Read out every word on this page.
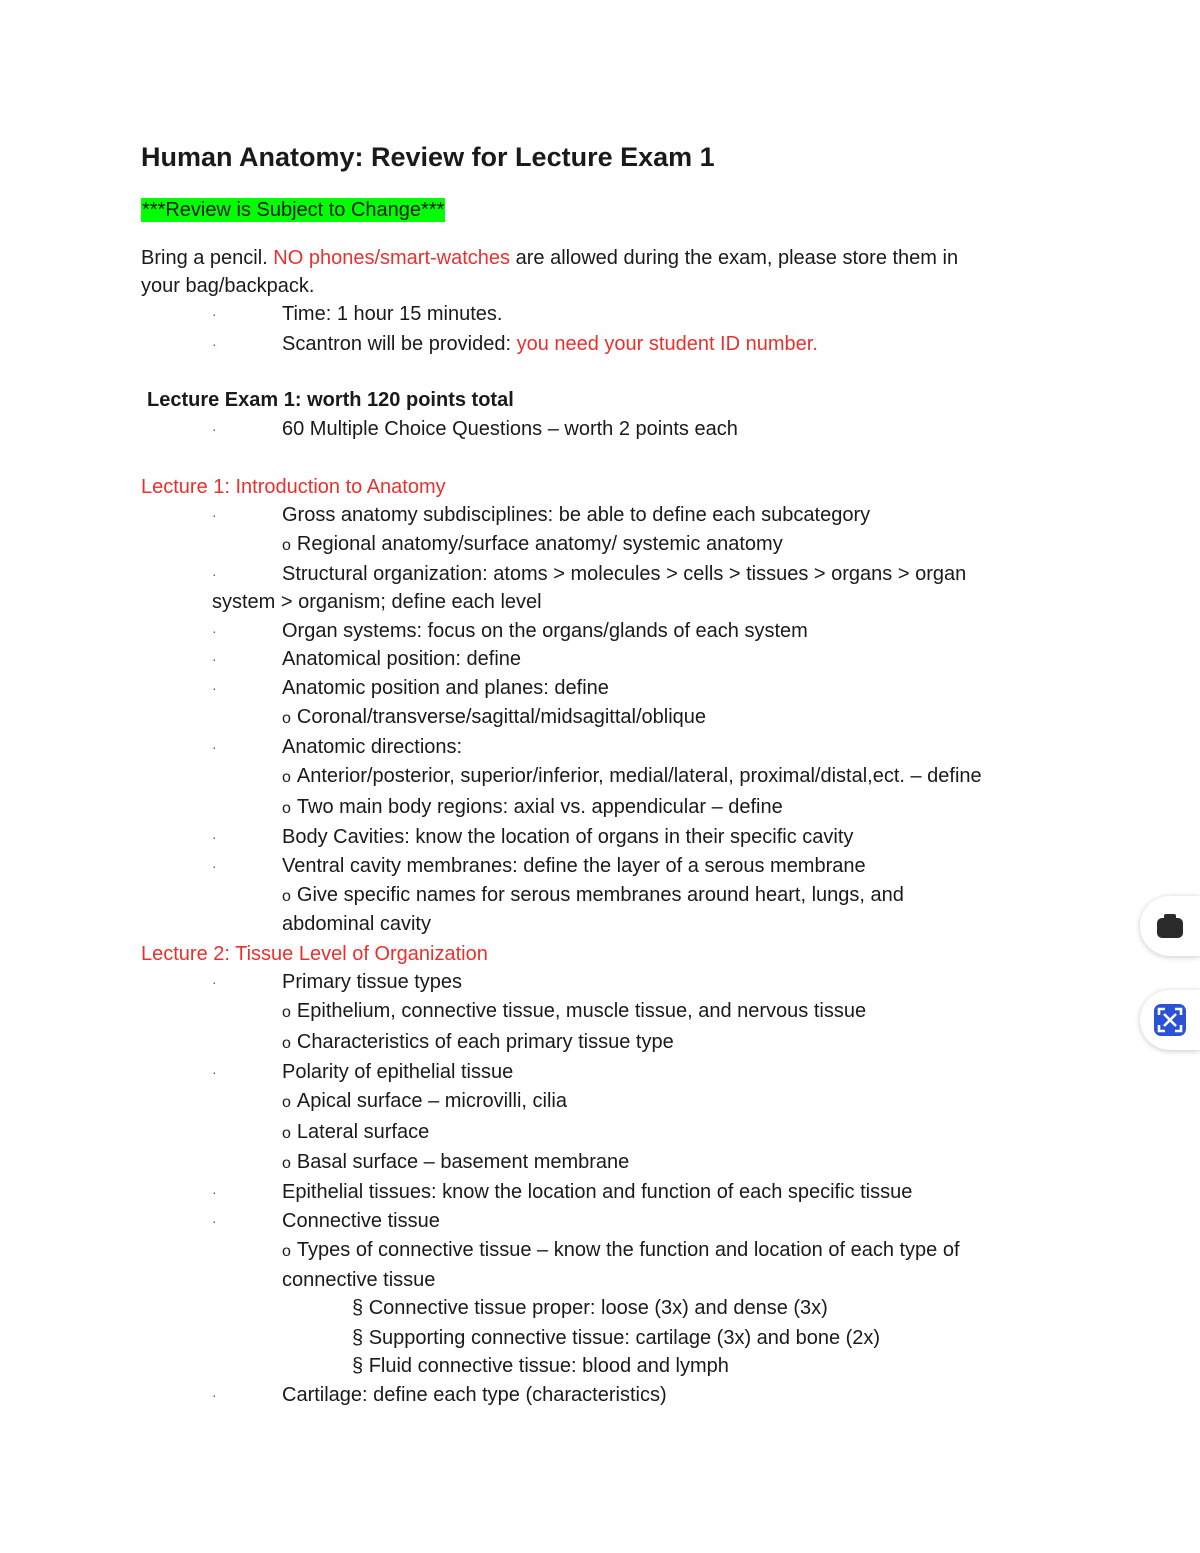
Human Anatomy: Review for Lecture Exam 1
***Review is Subject to Change***
Bring a pencil. NO phones/smart-watches are allowed during the exam, please store them in
your bag/backpack.
·	Time: 1 hour 15 minutes.
·	Scantron will be provided: you need your student ID number.
Lecture Exam 1: worth 120 points total
·	60 Multiple Choice Questions – worth 2 points each
Lecture 1: Introduction to Anatomy
·	Gross anatomy subdisciplines: be able to define each subcategory
o Regional anatomy/surface anatomy/ systemic anatomy
·	Structural organization: atoms > molecules > cells > tissues > organs > organ
system > organism; define each level
·	Organ systems: focus on the organs/glands of each system
·	Anatomical position: define
·	Anatomic position and planes: define
o Coronal/transverse/sagittal/midsagittal/oblique
·	Anatomic directions:
o Anterior/posterior, superior/inferior, medial/lateral, proximal/distal,ect. – define
o Two main body regions: axial vs. appendicular – define
·	Body Cavities: know the location of organs in their specific cavity
·	Ventral cavity membranes: define the layer of a serous membrane
o Give specific names for serous membranes around heart, lungs, and
abdominal cavity
Lecture 2: Tissue Level of Organization
·	Primary tissue types
o Epithelium, connective tissue, muscle tissue, and nervous tissue
o Characteristics of each primary tissue type
·	Polarity of epithelial tissue
o Apical surface – microvilli, cilia
o Lateral surface
o Basal surface – basement membrane
·	Epithelial tissues: know the location and function of each specific tissue
·	Connective tissue
o Types of connective tissue – know the function and location of each type of
connective tissue
§ Connective tissue proper: loose (3x) and dense (3x)
§ Supporting connective tissue: cartilage (3x) and bone (2x)
§ Fluid connective tissue: blood and lymph
·	Cartilage: define each type (characteristics)
